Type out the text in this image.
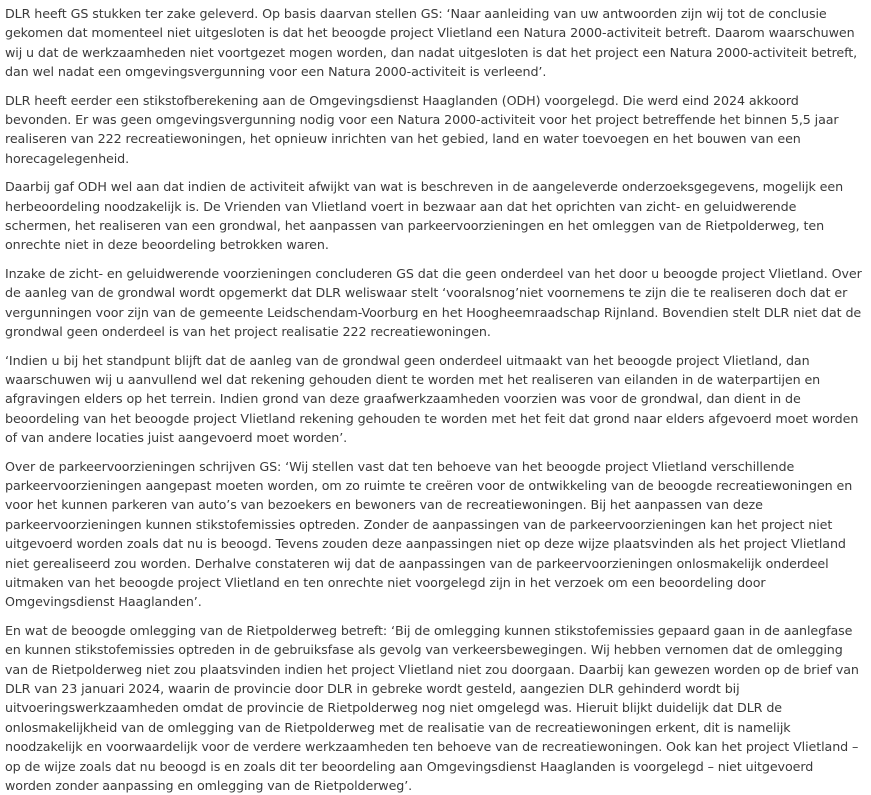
DLR heeft GS stukken ter zake geleverd. Op basis daarvan stellen GS: ‘Naar aanleiding van uw antwoorden zijn wij tot de conclusie gekomen dat momenteel niet uitgesloten is dat het beoogde project Vlietland een Natura 2000-activiteit betreft. Daarom waarschuwen wij u dat de werkzaamheden niet voortgezet mogen worden, dan nadat uitgesloten is dat het project een Natura 2000-activiteit betreft, dan wel nadat een omgevingsvergunning voor een Natura 2000-activiteit is verleend’.

DLR heeft eerder een stikstofberekening aan de Omgevingsdienst Haaglanden (ODH) voorgelegd. Die werd eind 2024 akkoord bevonden. Er was geen omgevingsvergunning nodig voor een Natura 2000-activiteit voor het project betreffende het binnen 5,5 jaar realiseren van 222 recreatiewoningen, het opnieuw inrichten van het gebied, land en water toevoegen en het bouwen van een horecagelegenheid.

Daarbij gaf ODH wel aan dat indien de activiteit afwijkt van wat is beschreven in de aangeleverde onderzoeksgegevens, mogelijk een herbeoordeling noodzakelijk is. De Vrienden van Vlietland voert in bezwaar aan dat het oprichten van zicht- en geluidwerende schermen, het realiseren van een grondwal, het aanpassen van parkeervoorzieningen en het omleggen van de Rietpolderweg, ten onrechte niet in deze beoordeling betrokken waren.

Inzake de zicht- en geluidwerende voorzieningen concluderen GS dat die geen onderdeel van het door u beoogde project Vlietland. Over de aanleg van de grondwal wordt opgemerkt dat DLR weliswaar stelt ‘vooralsnog’niet voornemens te zijn die te realiseren doch dat er vergunningen voor zijn van de gemeente Leidschendam-Voorburg en het Hoogheemraadschap Rijnland. Bovendien stelt DLR niet dat de grondwal geen onderdeel is van het project realisatie 222 recreatiewoningen.

‘Indien u bij het standpunt blijft dat de aanleg van de grondwal geen onderdeel uitmaakt van het beoogde project Vlietland, dan waarschuwen wij u aanvullend wel dat rekening gehouden dient te worden met het realiseren van eilanden in de waterpartijen en afgravingen elders op het terrein. Indien grond van deze graafwerkzaamheden voorzien was voor de grondwal, dan dient in de beoordeling van het beoogde project Vlietland rekening gehouden te worden met het feit dat grond naar elders afgevoerd moet worden of van andere locaties juist aangevoerd moet worden’.

Over de parkeervoorzieningen schrijven GS: ‘Wij stellen vast dat ten behoeve van het beoogde project Vlietland verschillende parkeervoorzieningen aangepast moeten worden, om zo ruimte te creëren voor de ontwikkeling van de beoogde recreatiewoningen en voor het kunnen parkeren van auto’s van bezoekers en bewoners van de recreatiewoningen. Bij het aanpassen van deze parkeervoorzieningen kunnen stikstofemissies optreden. Zonder de aanpassingen van de parkeervoorzieningen kan het project niet uitgevoerd worden zoals dat nu is beoogd. Tevens zouden deze aanpassingen niet op deze wijze plaatsvinden als het project Vlietland niet gerealiseerd zou worden. Derhalve constateren wij dat de aanpassingen van de parkeervoorzieningen onlosmakelijk onderdeel uitmaken van het beoogde project Vlietland en ten onrechte niet voorgelegd zijn in het verzoek om een beoordeling door Omgevingsdienst Haaglanden’.

En wat de beoogde omlegging van de Rietpolderweg betreft: ‘Bij de omlegging kunnen stikstofemissies gepaard gaan in de aanlegfase en kunnen stikstofemissies optreden in de gebruiksfase als gevolg van verkeersbewegingen. Wij hebben vernomen dat de omlegging van de Rietpolderweg niet zou plaatsvinden indien het project Vlietland niet zou doorgaan. Daarbij kan gewezen worden op de brief van DLR van 23 januari 2024, waarin de provincie door DLR in gebreke wordt gesteld, aangezien DLR gehinderd wordt bij uitvoeringswerkzaamheden omdat de provincie de Rietpolderweg nog niet omgelegd was. Hieruit blijkt duidelijk dat DLR de onlosmakelijkheid van de omlegging van de Rietpolderweg met de realisatie van de recreatiewoningen erkent, dit is namelijk noodzakelijk en voorwaardelijk voor de verdere werkzaamheden ten behoeve van de recreatiewoningen. Ook kan het project Vlietland – op de wijze zoals dat nu beoogd is en zoals dit ter beoordeling aan Omgevingsdienst Haaglanden is voorgelegd – niet uitgevoerd worden zonder aanpassing en omlegging van de Rietpolderweg’.
